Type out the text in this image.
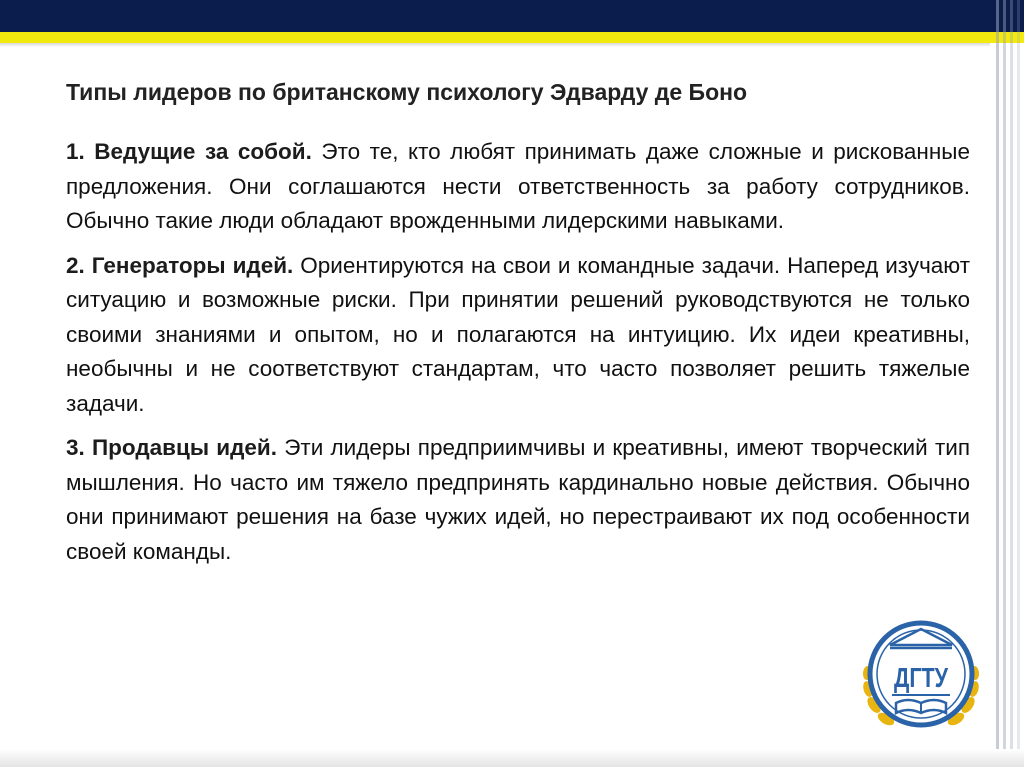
Типы лидеров по британскому психологу Эдварду де Боно

1. Ведущие за собой. Это те, кто любят принимать даже сложные и рискованные предложения. Они соглашаются нести ответственность за работу сотрудников. Обычно такие люди обладают врожденными лидерскими навыками.

2. Генераторы идей. Ориентируются на свои и командные задачи. Наперед изучают ситуацию и возможные риски. При принятии решений руководствуются не только своими знаниями и опытом, но и полагаются на интуицию. Их идеи креативны, необычны и не соответствуют стандартам, что часто позволяет решить тяжелые задачи.

3. Продавцы идей. Эти лидеры предприимчивы и креативны, имеют творческий тип мышления. Но часто им тяжело предпринять кардинально новые действия. Обычно они принимают решения на базе чужих идей, но перестраивают их под особенности своей команды.

ДГТУ
